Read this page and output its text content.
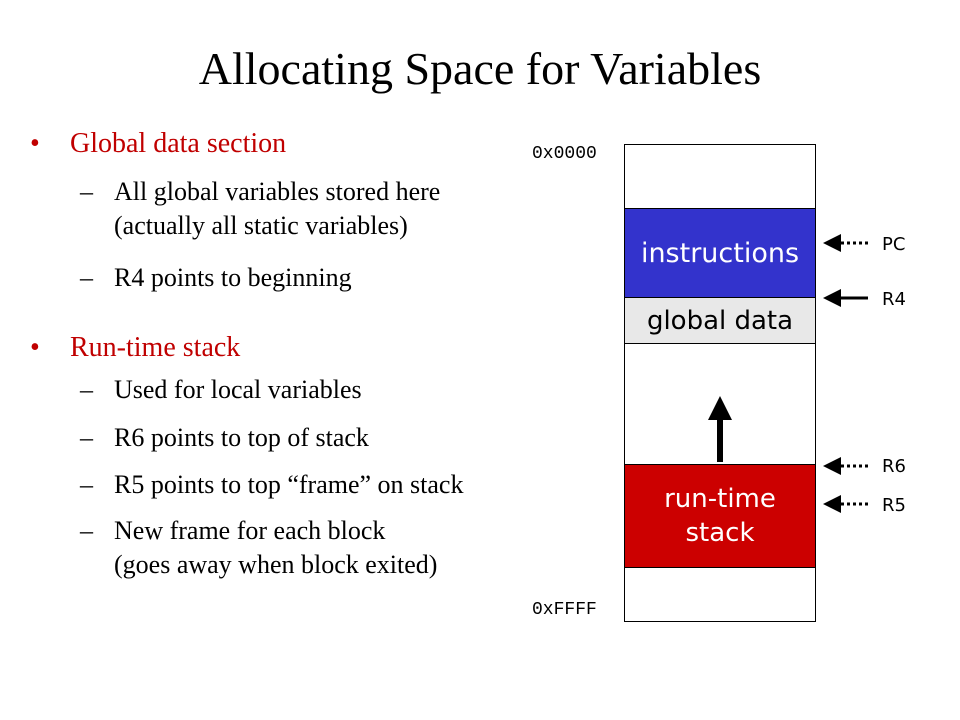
Allocating Space for Variables
• Global data section
– All global variables stored here
(actually all static variables)
– R4 points to beginning
• Run-time stack
– Used for local variables
– R6 points to top of stack
– R5 points to top “frame” on stack
– New frame for each block
(goes away when block exited)
0x0000
0xFFFF
instructions
global data
run-time
stack
PC
R4
R6
R5
